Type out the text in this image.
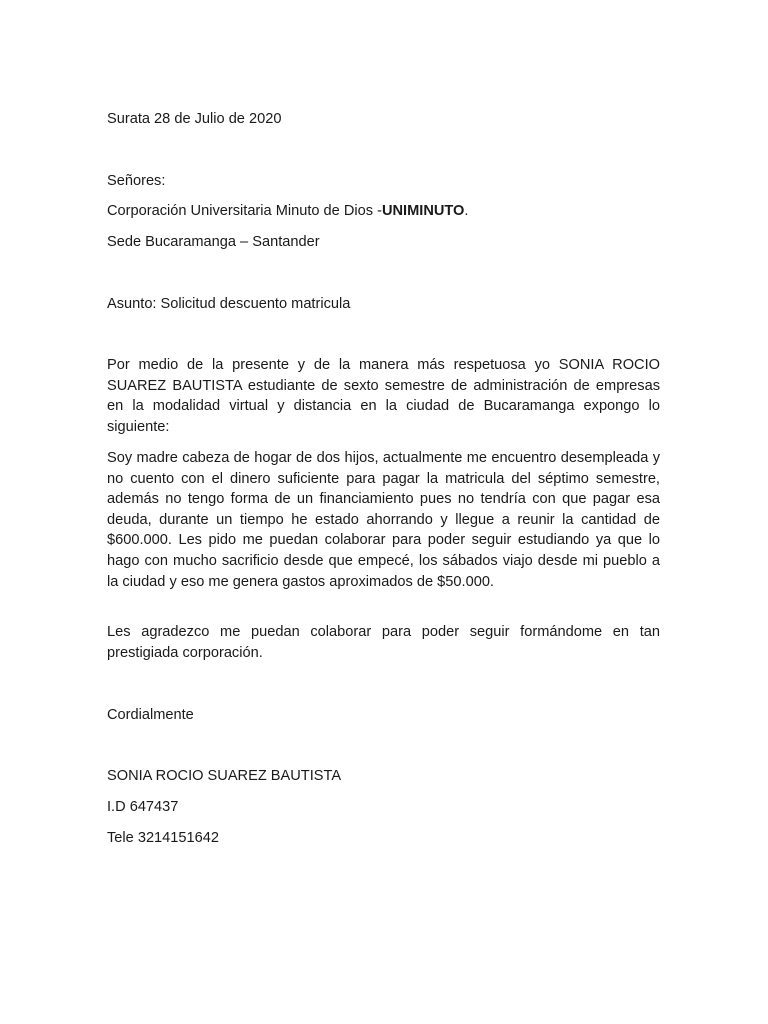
Surata 28 de Julio de 2020

Señores:

Corporación Universitaria Minuto de Dios -UNIMINUTO.

Sede Bucaramanga – Santander

Asunto: Solicitud descuento matricula

Por medio de la presente y de la manera más respetuosa yo SONIA ROCIO SUAREZ BAUTISTA estudiante de sexto semestre de administración de empresas en la modalidad virtual y distancia en la ciudad de Bucaramanga expongo lo siguiente:

Soy madre cabeza de hogar de dos hijos, actualmente me encuentro desempleada y no cuento con el dinero suficiente para pagar la matricula del séptimo semestre, además no tengo forma de un financiamiento pues no tendría con que pagar esa deuda, durante un tiempo he estado ahorrando y llegue a reunir la cantidad de $600.000. Les pido me puedan colaborar para poder seguir estudiando ya que lo hago con mucho sacrificio desde que empecé, los sábados viajo desde mi pueblo a la ciudad y eso me genera gastos aproximados de $50.000.

Les agradezco me puedan colaborar para poder seguir formándome en tan prestigiada corporación.

Cordialmente

SONIA ROCIO SUAREZ BAUTISTA

I.D 647437

Tele 3214151642
